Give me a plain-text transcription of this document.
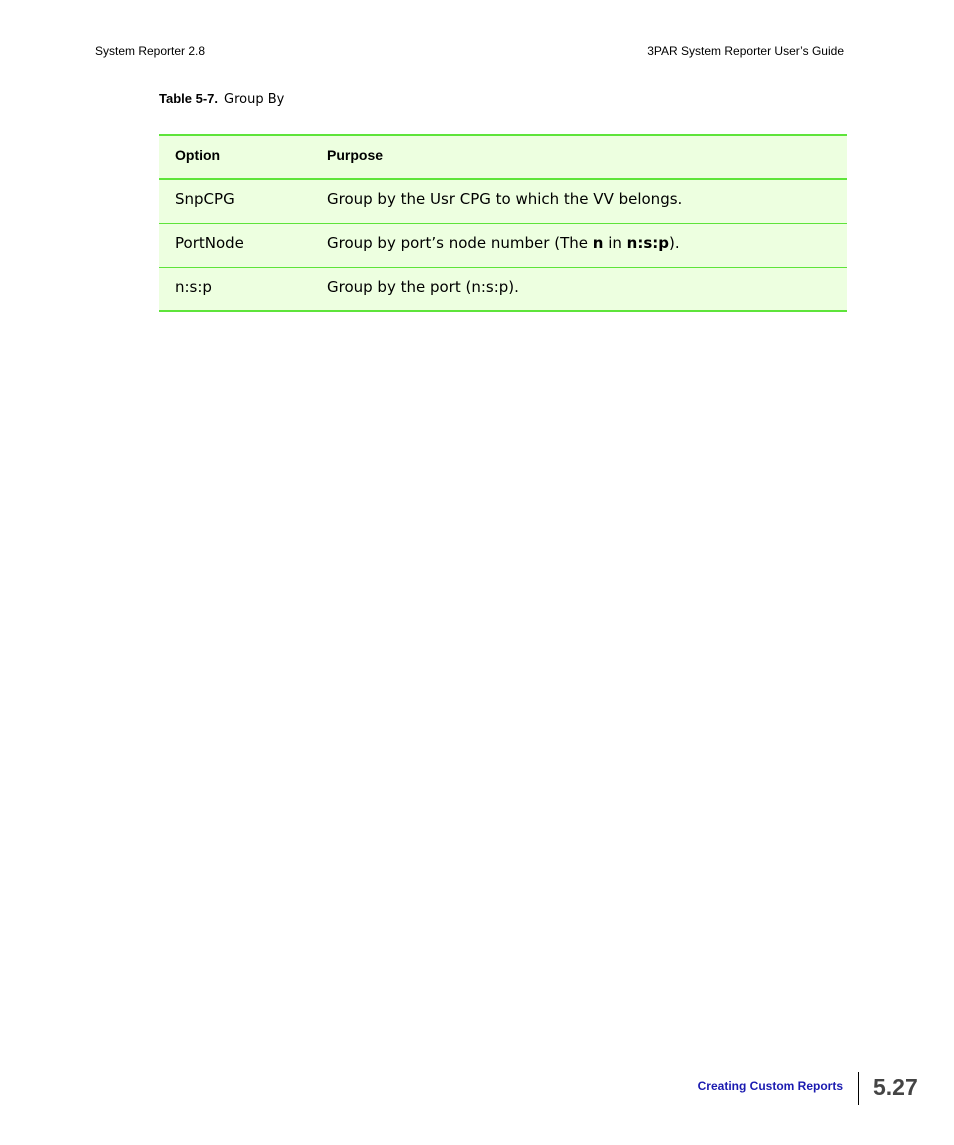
System Reporter 2.8	3PAR System Reporter User’s Guide
Table 5-7. Group By
Option	Purpose
SnpCPG	Group by the Usr CPG to which the VV belongs.
PortNode	Group by port’s node number (The n in n:s:p).
n:s:p	Group by the port (n:s:p).
Creating Custom Reports 5.27
